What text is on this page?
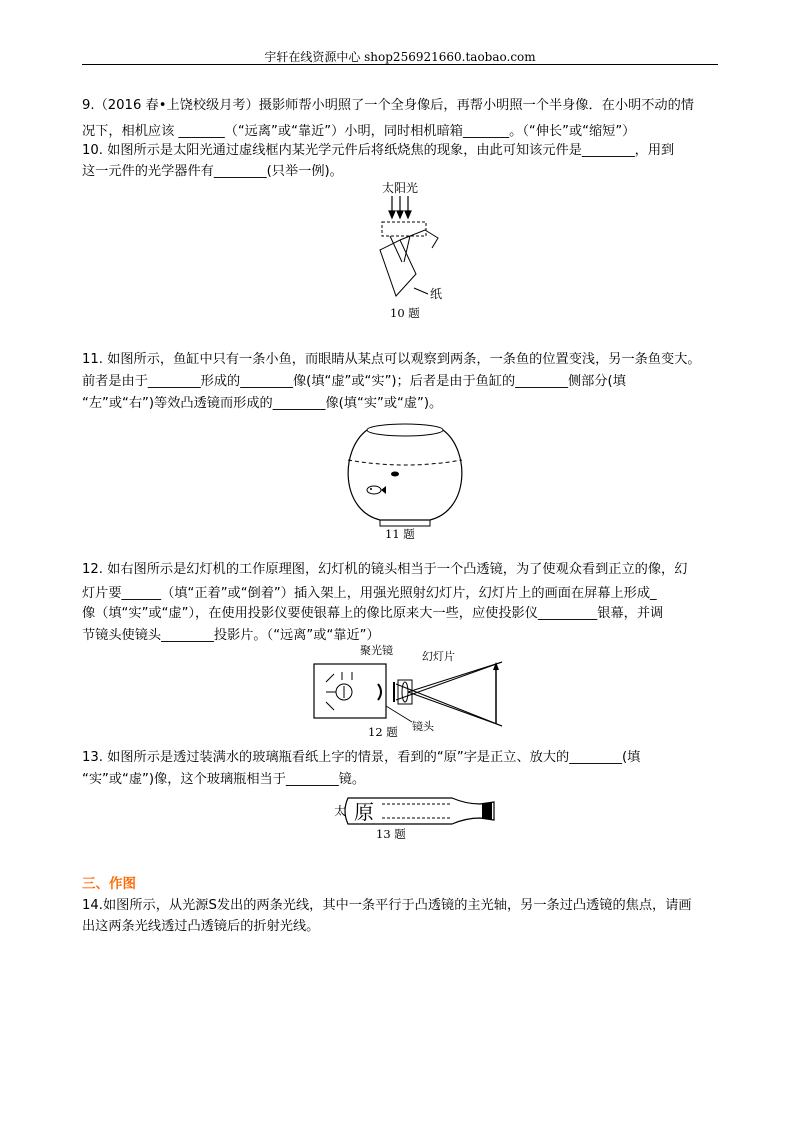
宇轩在线资源中心 shop256921660.taobao.com
9.（2016 春•上饶校级月考）摄影师帮小明照了一个全身像后，再帮小明照一个半身像．在小明不动的情
况下，相机应该 _______（“远离”或“靠近”）小明，同时相机暗箱_______。（“伸长”或“缩短”）
10. 如图所示是太阳光通过虚线框内某光学元件后将纸烧焦的现象，由此可知该元件是________，用到
这一元件的光学器件有________(只举一例)。
太阳光
纸
10 题
11. 如图所示，鱼缸中只有一条小鱼，而眼睛从某点可以观察到两条，一条鱼的位置变浅，另一条鱼变大。
前者是由于________形成的________像(填“虚”或“实”)；后者是由于鱼缸的________侧部分(填
“左”或“右”)等效凸透镜而形成的________像(填“实”或“虚”)。
11 题
12. 如右图所示是幻灯机的工作原理图，幻灯机的镜头相当于一个凸透镜，为了使观众看到正立的像，幻
灯片要______（填“正着”或“倒着”）插入架上，用强光照射幻灯片，幻灯片上的画面在屏幕上形成_
像（填“实”或“虚”），在使用投影仪要使银幕上的像比原来大一些，应使投影仪_________银幕，并调
节镜头使镜头________投影片。（“远离”或“靠近”）
聚光镜	幻灯片
镜头
12 题
13. 如图所示是透过装满水的玻璃瓶看纸上字的情景，看到的“原”字是正立、放大的________(填
“实”或“虚”)像，这个玻璃瓶相当于________镜。
太 原
13 题
三、作图
14.如图所示，从光源S发出的两条光线，其中一条平行于凸透镜的主光轴，另一条过凸透镜的焦点，请画
出这两条光线透过凸透镜后的折射光线。
